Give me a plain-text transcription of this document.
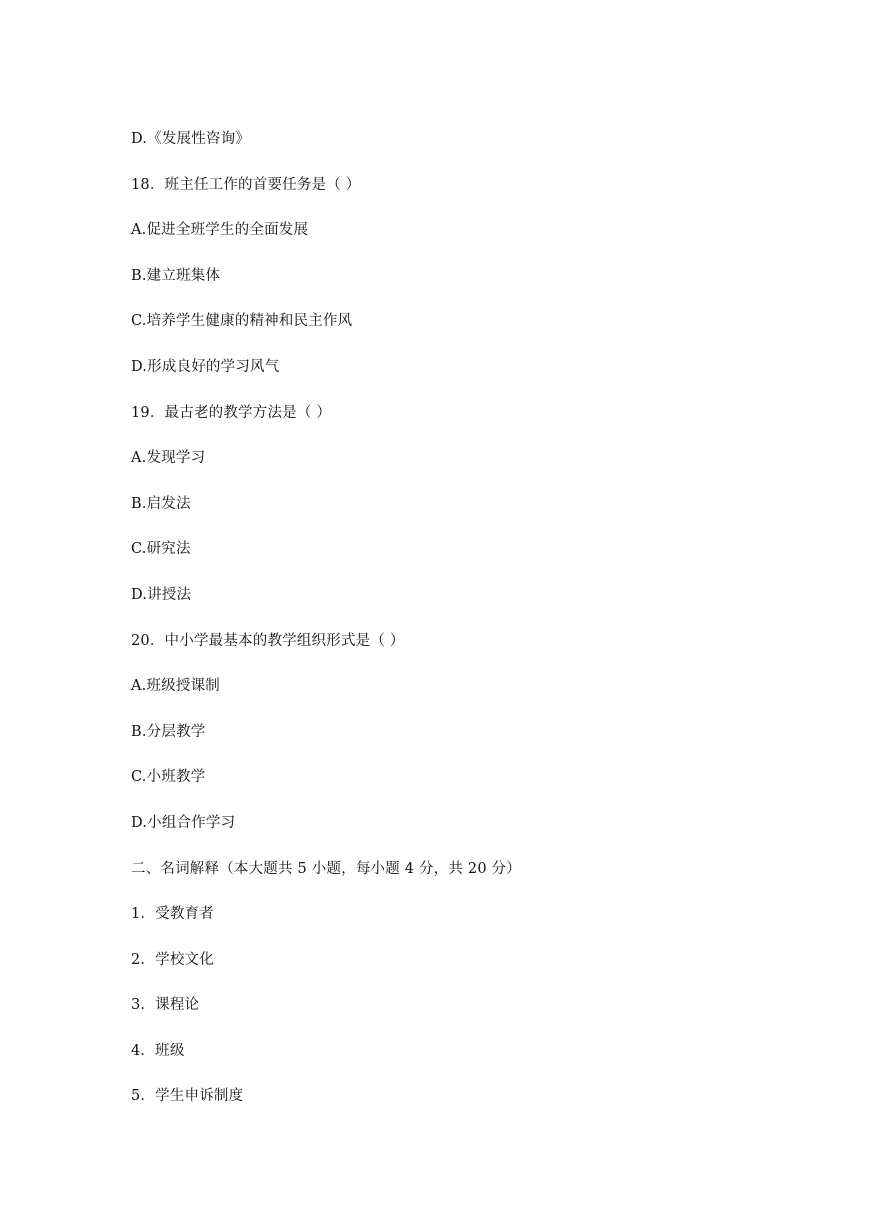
D.《发展性咨询》
18．班主任工作的首要任务是（ ）
A.促进全班学生的全面发展
B.建立班集体
C.培养学生健康的精神和民主作风
D.形成良好的学习风气
19．最古老的教学方法是（ ）
A.发现学习
B.启发法
C.研究法
D.讲授法
20．中小学最基本的教学组织形式是（ ）
A.班级授课制
B.分层教学
C.小班教学
D.小组合作学习
二、名词解释（本大题共 5 小题，每小题 4 分，共 20 分）
1．受教育者
2．学校文化
3．课程论
4．班级
5．学生申诉制度
